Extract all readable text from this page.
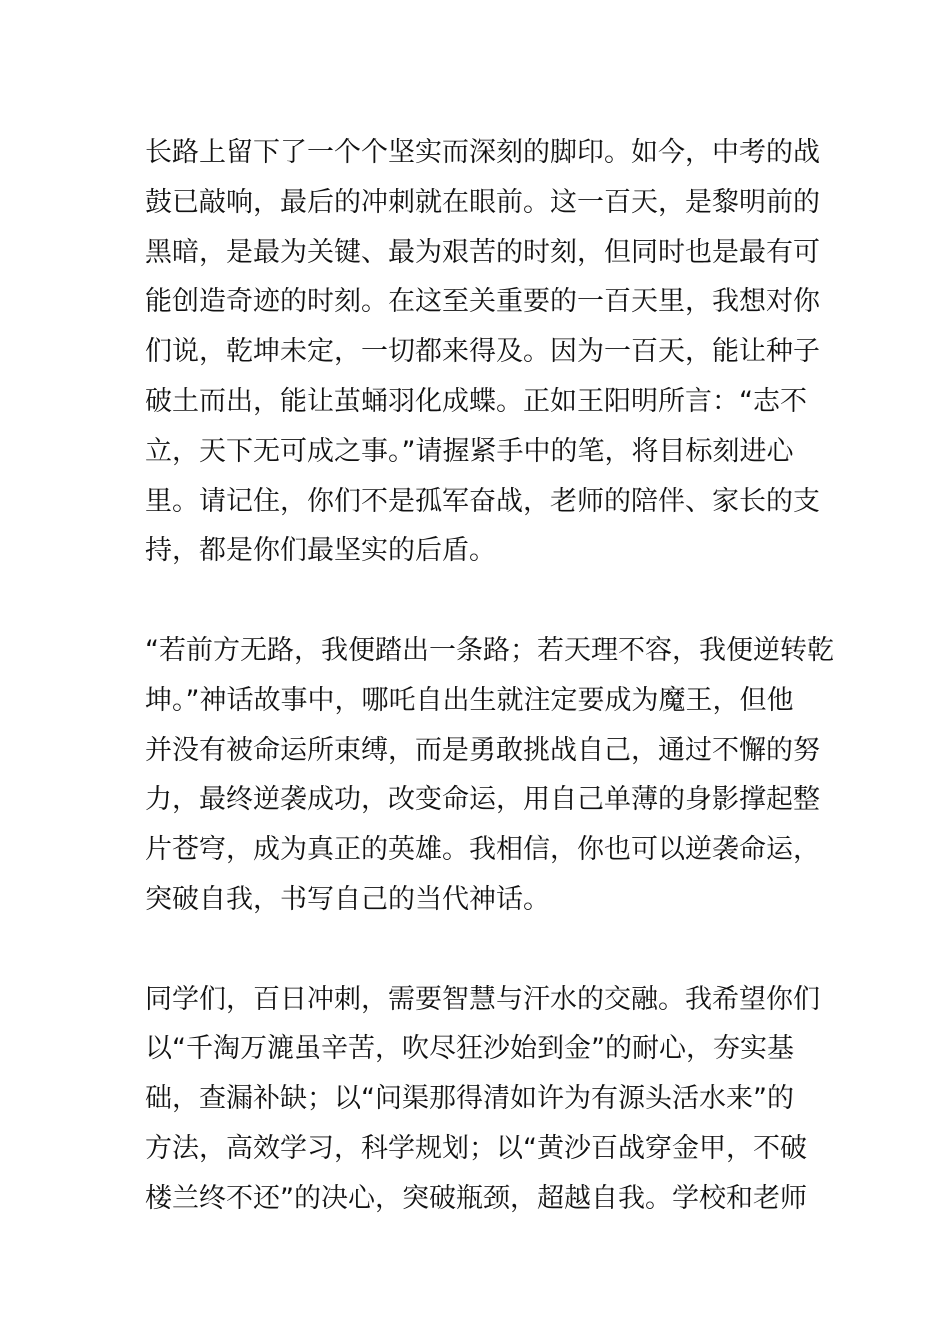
长路上留下了一个个坚实而深刻的脚印。如今，中考的战
鼓已敲响，最后的冲刺就在眼前。这一百天，是黎明前的
黑暗，是最为关键、最为艰苦的时刻，但同时也是最有可
能创造奇迹的时刻。在这至关重要的一百天里，我想对你
们说，乾坤未定，一切都来得及。因为一百天，能让种子
破土而出，能让茧蛹羽化成蝶。正如王阳明所言：“志不
立，天下无可成之事。”请握紧手中的笔，将目标刻进心
里。请记住，你们不是孤军奋战，老师的陪伴、家长的支
持，都是你们最坚实的后盾。
“若前方无路，我便踏出一条路；若天理不容，我便逆转乾
坤。”神话故事中，哪吒自出生就注定要成为魔王，但他
并没有被命运所束缚，而是勇敢挑战自己，通过不懈的努
力，最终逆袭成功，改变命运，用自己单薄的身影撑起整
片苍穹，成为真正的英雄。我相信，你也可以逆袭命运，
突破自我，书写自己的当代神话。
同学们，百日冲刺，需要智慧与汗水的交融。我希望你们
以“千淘万漉虽辛苦，吹尽狂沙始到金”的耐心，夯实基
础，查漏补缺；以“问渠那得清如许为有源头活水来”的
方法，高效学习，科学规划；以“黄沙百战穿金甲，不破
楼兰终不还”的决心，突破瓶颈，超越自我。学校和老师
